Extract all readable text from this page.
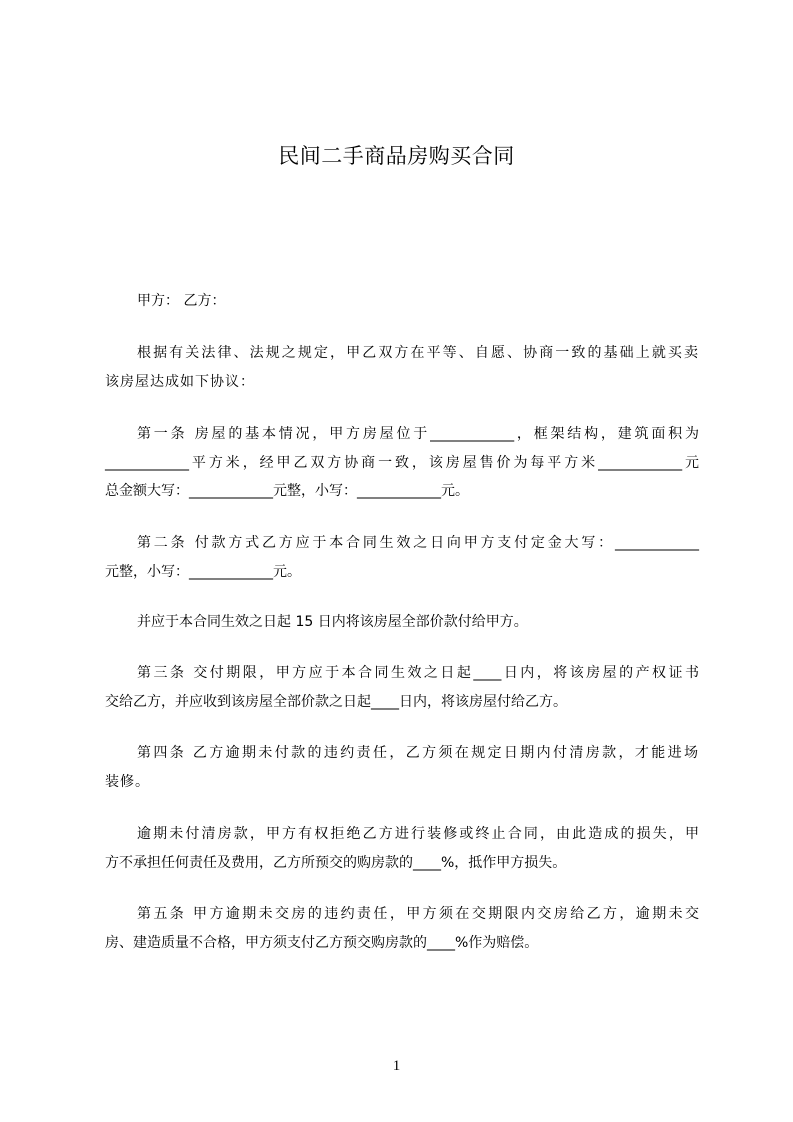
民间二手商品房购买合同
甲方： 乙方：
根据有关法律、法规之规定，甲乙双方在平等、自愿、协商一致的基础上就买卖
该房屋达成如下协议：
第一条 房屋的基本情况，甲方房屋位于____________，框架结构，建筑面积为
____________平方米，经甲乙双方协商一致，该房屋售价为每平方米____________元
总金额大写：____________元整，小写：____________元。
第二条 付款方式乙方应于本合同生效之日向甲方支付定金大写：____________
元整，小写：____________元。
并应于本合同生效之日起 15 日内将该房屋全部价款付给甲方。
第三条 交付期限，甲方应于本合同生效之日起____日内，将该房屋的产权证书
交给乙方，并应收到该房屋全部价款之日起____日内，将该房屋付给乙方。
第四条 乙方逾期未付款的违约责任，乙方须在规定日期内付清房款，才能进场
装修。
逾期未付清房款，甲方有权拒绝乙方进行装修或终止合同，由此造成的损失，甲
方不承担任何责任及费用，乙方所预交的购房款的____%，抵作甲方损失。
第五条 甲方逾期未交房的违约责任，甲方须在交期限内交房给乙方，逾期未交
房、建造质量不合格，甲方须支付乙方预交购房款的____%作为赔偿。
1
